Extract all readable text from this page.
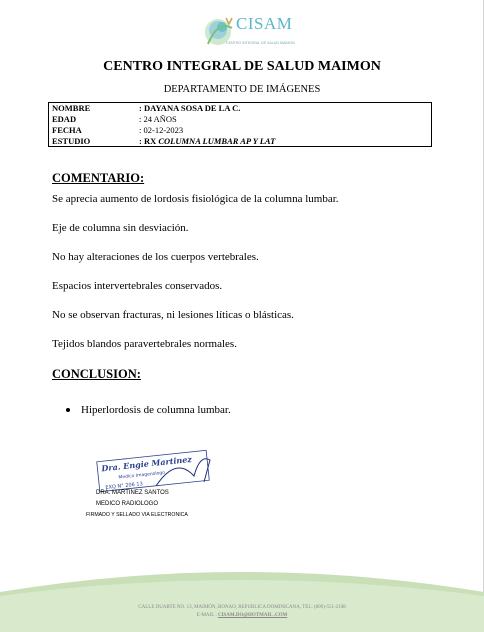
CISAM
CENTRO INTEGRAL DE SALUD MAIMON
CENTRO INTEGRAL DE SALUD MAIMON
DEPARTAMENTO DE IMÁGENES
NOMBRE	: DAYANA SOSA DE LA C.
EDAD	: 24 AÑOS
FECHA	: 02-12-2023
ESTUDIO	: RX COLUMNA LUMBAR AP Y LAT
COMENTARIO:
Se aprecia aumento de lordosis fisiológica de la columna lumbar.
Eje de columna sin desviación.
No hay alteraciones de los cuerpos vertebrales.
Espacios intervertebrales conservados.
No se observan fracturas, ni lesiones líticas o blásticas.
Tejidos blandos paravertebrales normales.
CONCLUSION:
Hiperlordosis de columna lumbar.
Dra. Engie Martinez
Medico Imagenologo
EXQ N° 206 13
DRA. MARTINEZ SANTOS
MEDICO RADIOLOGO
FIRMADO Y SELLADO VIA ELECTRONICA
CALLE DUARTE NO. 13, MAIMÓN, BONAO, REPUBLICA DOMINICANA, TEL: (809)-551-2108
E-MAIL : CISAM.DO@HOTMAIL .COM
